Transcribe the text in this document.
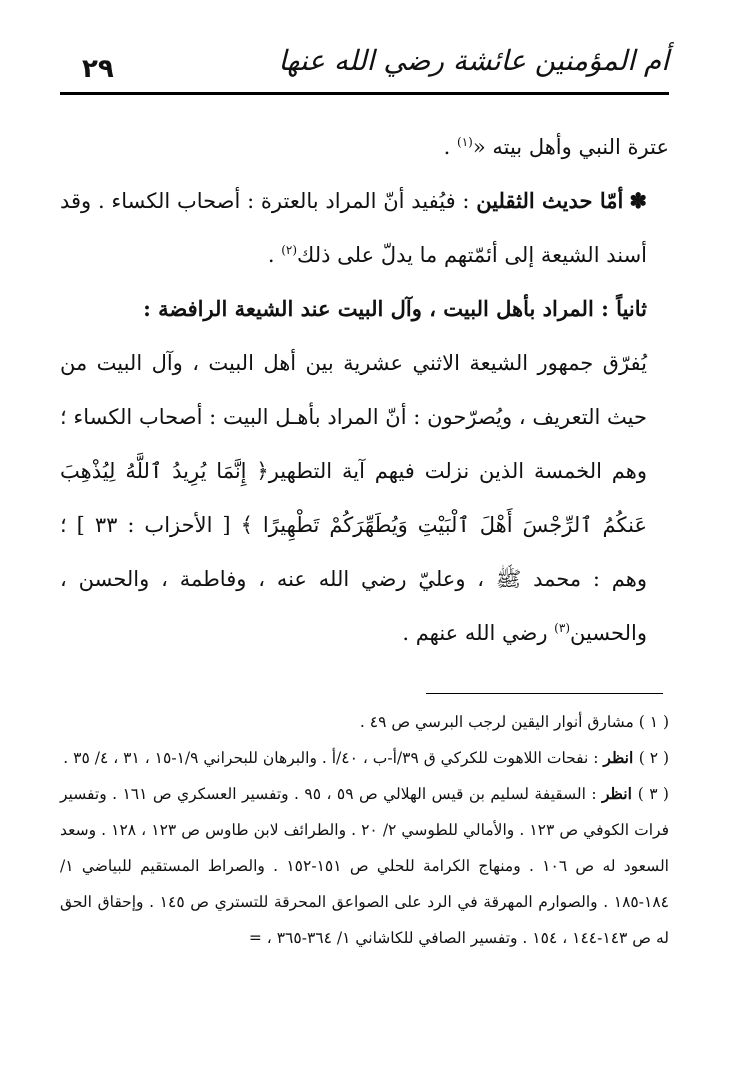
٢٩	أم المؤمنين عائشة رضي الله عنها

عترة النبي وأهل بيته «$^{(١)}$ .

✽أمّا حديث الثقلين : فيُفيد أنّ المراد بالعترة : أصحاب الكساء . وقد أسند الشيعة إلى أئمّتهم ما يدلّ على ذلك$^{(٢)}$ .

ثانياً : المراد بأهل البيت ، وآل البيت عند الشيعة الرافضة :

يُفرّق جمهور الشيعة الاثني عشرية بين أهل البيت ، وآل البيت من حيث التعريف ، ويُصرّحون : أنّ المراد بأهـل البيت : أصحاب الكساء ؛ وهم الخمسة الذين نزلت فيهم آية التطهير﴿ إِنَّمَا يُرِيدُ ٱللَّهُ لِيُذْهِبَ عَنكُمُ ٱلرِّجْسَ أَهْلَ ٱلْبَيْتِ وَيُطَهِّرَكُمْ تَطْهِيرًا ﴾ [ الأحزاب : ٣٣ ] ؛ وهم : محمد ﷺ ، وعليّ رضي الله عنه ، وفاطمة ، والحسن ، والحسين$^{(٣)}$ رضي الله عنهم .

( ١ ) مشارق أنوار اليقين لرجب البرسي ص ٤٩ .

( ٢ ) انظر : نفحات اللاهوت للكركي ق ٣٩/أ-ب ، ٤٠/أ . والبرهان للبحراني ١/٩-١٥ ، ٣١ ، ٤/ ٣٥ .

( ٣ ) انظر : السقيفة لسليم بن قيس الهلالي ص ٥٩ ، ٩٥ . وتفسير العسكري ص ١٦١ . وتفسير فرات الكوفي ص ١٢٣ . والأمالي للطوسي ٢/ ٢٠ . والطرائف لابن طاوس ص ١٢٣ ، ١٢٨ . وسعد السعود له ص ١٠٦ . ومنهاج الكرامة للحلي ص ١٥١-١٥٢ . والصراط المستقيم للبياضي ١/ ١٨٤-١٨٥ . والصوارم المهرقة في الرد على الصواعق المحرقة للتستري ص ١٤٥ . وإحقاق الحق له ص ١٤٣-١٤٤ ، ١٥٤ . وتفسير الصافي للكاشاني ١/ ٣٦٤-٣٦٥ ، =
